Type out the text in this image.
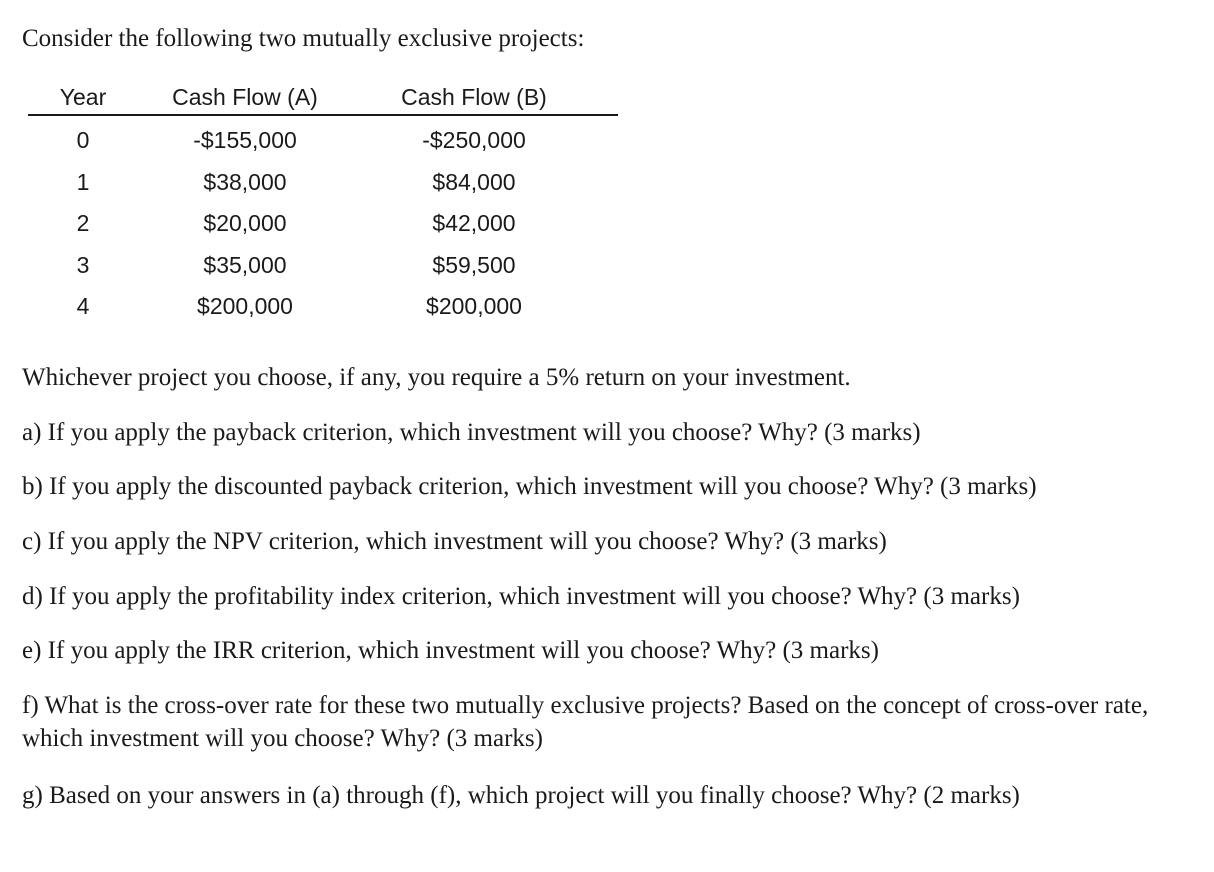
Consider the following two mutually exclusive projects:
Year	Cash Flow (A)	Cash Flow (B)
0	-$155,000	-$250,000
1	$38,000	$84,000
2	$20,000	$42,000
3	$35,000	$59,500
4	$200,000	$200,000
Whichever project you choose, if any, you require a 5% return on your investment.
a) If you apply the payback criterion, which investment will you choose? Why? (3 marks)
b) If you apply the discounted payback criterion, which investment will you choose? Why? (3 marks)
c) If you apply the NPV criterion, which investment will you choose? Why? (3 marks)
d) If you apply the profitability index criterion, which investment will you choose? Why? (3 marks)
e) If you apply the IRR criterion, which investment will you choose? Why? (3 marks)
f) What is the cross-over rate for these two mutually exclusive projects? Based on the concept of cross-over rate, which investment will you choose? Why? (3 marks)
g) Based on your answers in (a) through (f), which project will you finally choose? Why? (2 marks)
